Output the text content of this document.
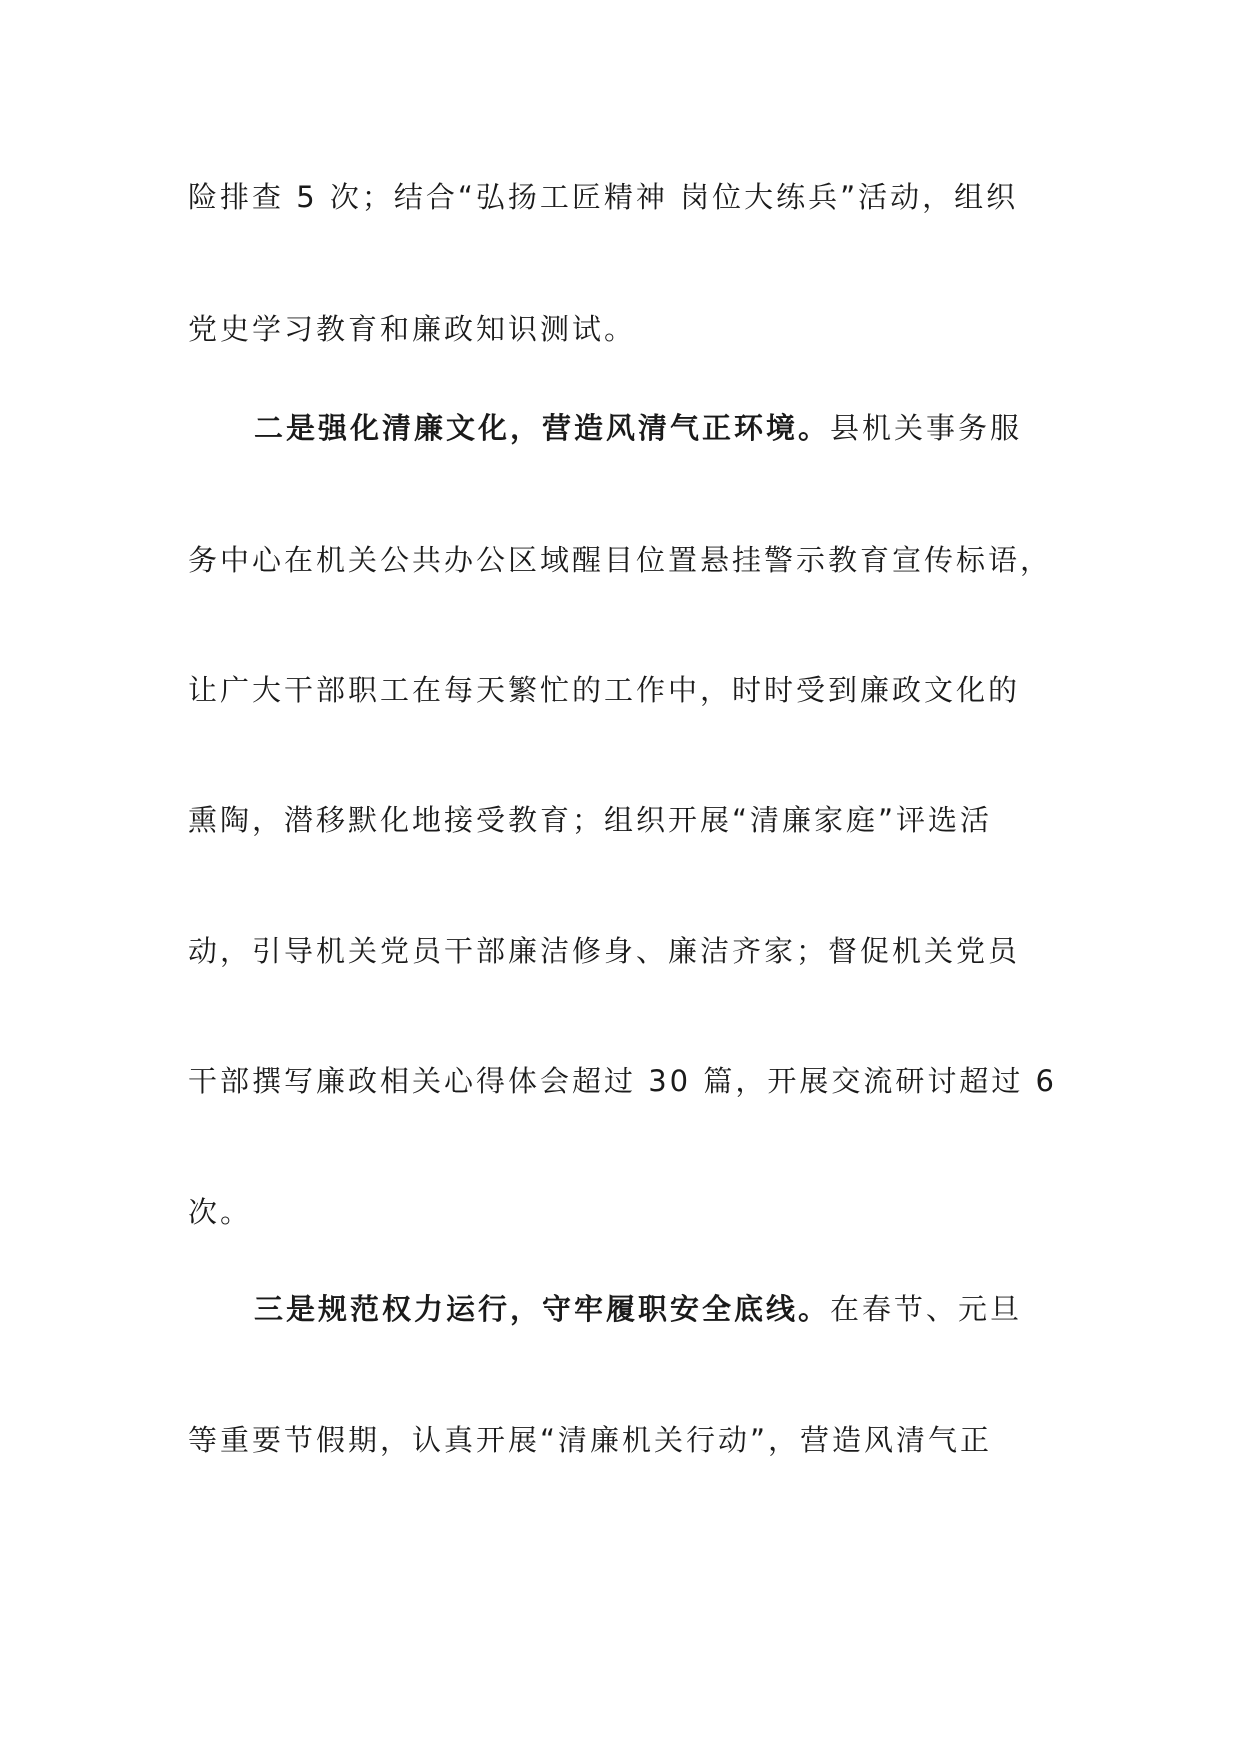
险排查 5 次；结合“弘扬工匠精神 岗位大练兵”活动，组织
党史学习教育和廉政知识测试。
二是强化清廉文化，营造风清气正环境。县机关事务服
务中心在机关公共办公区域醒目位置悬挂警示教育宣传标语，
让广大干部职工在每天繁忙的工作中，时时受到廉政文化的
熏陶，潜移默化地接受教育；组织开展“清廉家庭”评选活
动，引导机关党员干部廉洁修身、廉洁齐家；督促机关党员
干部撰写廉政相关心得体会超过 30 篇，开展交流研讨超过 6
次。
三是规范权力运行，守牢履职安全底线。在春节、元旦
等重要节假期，认真开展“清廉机关行动”，营造风清气正
